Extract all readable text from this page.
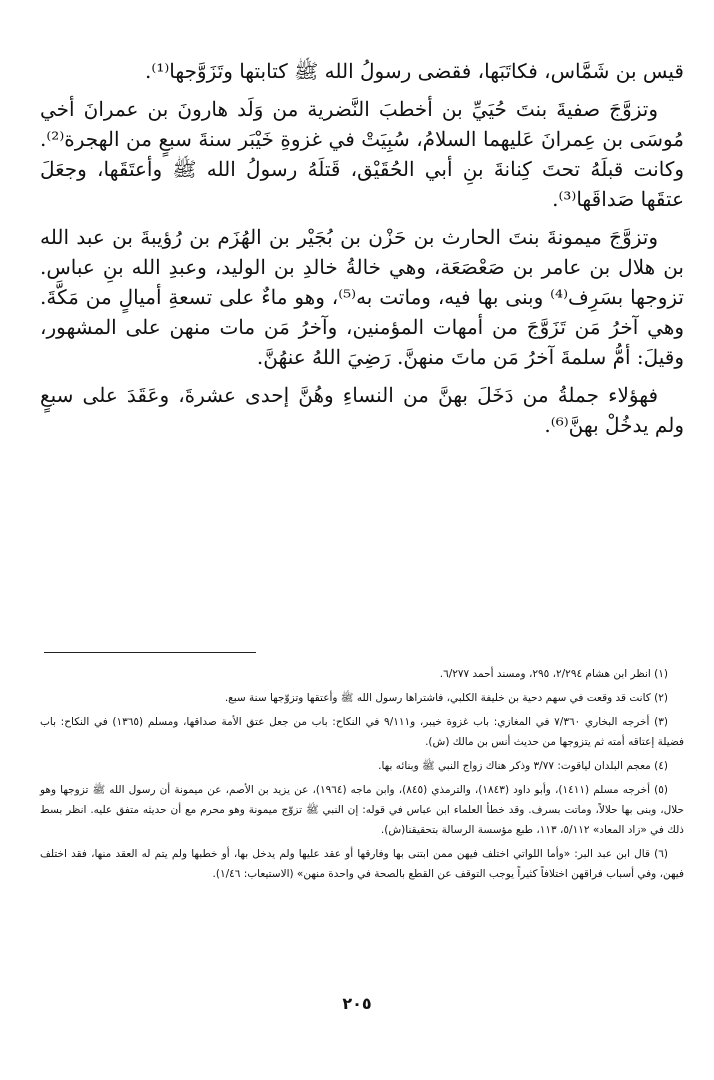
قيس بن شَمَّاس، فكاتَبَها، فقضى رسولُ الله ﷺ كتابتها وتَزَوَّجها⁽¹⁾.

وتزوَّجَ صفيةَ بنتَ حُيَيِّ بن أخطبَ النَّضرية من وَلَد هارونَ بن عمرانَ أخي مُوسَى بن عِمرانَ عَليهما السلامُ، سُبِيَتْ في غزوةِ خَيْبَر سنةَ سبعٍ من الهجرة⁽²⁾. وكانت قبلَهُ تحتَ كِنانةَ بنِ أبي الحُقَيْق، قَتلَهُ رسولُ الله ﷺ وأعتَقَها، وجعَلَ عتقَها صَداقَها⁽³⁾.

وتزوَّجَ ميمونةَ بنتَ الحارث بن حَزْن بن بُجَيْر بن الهُزَم بن رُؤيبةَ بن عبد الله بن هلال بن عامر بن صَعْصَعَة، وهي خالةُ خالدِ بن الوليد، وعبدِ الله بنِ عباس. تزوجها بسَرِف⁽⁴⁾ وبنى بها فيه، وماتت به⁽⁵⁾، وهو ماءٌ على تسعةِ أميالٍ من مَكَّةَ. وهي آخرُ مَن تَزَوَّجَ من أمهات المؤمنين، وآخرُ مَن مات منهن على المشهور، وقيلَ: أمُّ سلمةَ آخرُ مَن ماتَ منهنَّ. رَضِيَ اللهُ عنهُنَّ.

فهؤلاء جملةُ من دَخَلَ بهنَّ من النساءِ وهُنَّ إحدى عشرةَ، وعَقَدَ على سبعٍ ولم يدخُلْ بهنَّ⁽⁶⁾.

(١) انظر ابن هشام ٢/٢٩٤، ٢٩٥، ومسند أحمد ٦/٢٧٧.

(٢) كانت قد وقعت في سهم دحية بن خليفة الكلبي، فاشتراها رسول الله ﷺ وأعتقها وتزوّجها سنة سبع.

(٣) أخرجه البخاري ٧/٣٦٠ في المغازي: باب غزوة خيبر، و٩/١١١ في النكاح: باب من جعل عتق الأمة صداقها، ومسلم (١٣٦٥) في النكاح: باب فضيلة إعتاقه أمته ثم يتزوجها من حديث أنس بن مالك (ش).

(٤) معجم البلدان لياقوت: ٣/٧٧ وذكر هناك زواج النبي ﷺ وبنائه بها.

(٥) أخرجه مسلم (١٤١١)، وأبو داود (١٨٤٣)، والترمذي (٨٤٥)، وابن ماجه (١٩٦٤)، عن يزيد بن الأصم، عن ميمونة أن رسول الله ﷺ تزوجها وهو حلال، وبنى بها حلالاً، وماتت بسرف. وقد خطأ العلماء ابن عباس في قوله: إن النبي ﷺ تزوّج ميمونة وهو محرم مع أن حديثه متفق عليه. انظر بسط ذلك في «زاد المعاد» ٥/١١٢، ١١٣، طبع مؤسسة الرسالة بتحقيقنا(ش).

(٦) قال ابن عبد البر: «وأما اللواتي اختلف فيهن ممن ابتنى بها وفارقها أو عقد عليها ولم يدخل بها، أو خطبها ولم يتم له العقد منها، فقد اختلف فيهن، وفي أسباب فراقهن اختلافاً كثيراً يوجب التوقف عن القطع بالصحة في واحدة منهن» (الاستيعاب: ١/٤٦).

٢٠٥
